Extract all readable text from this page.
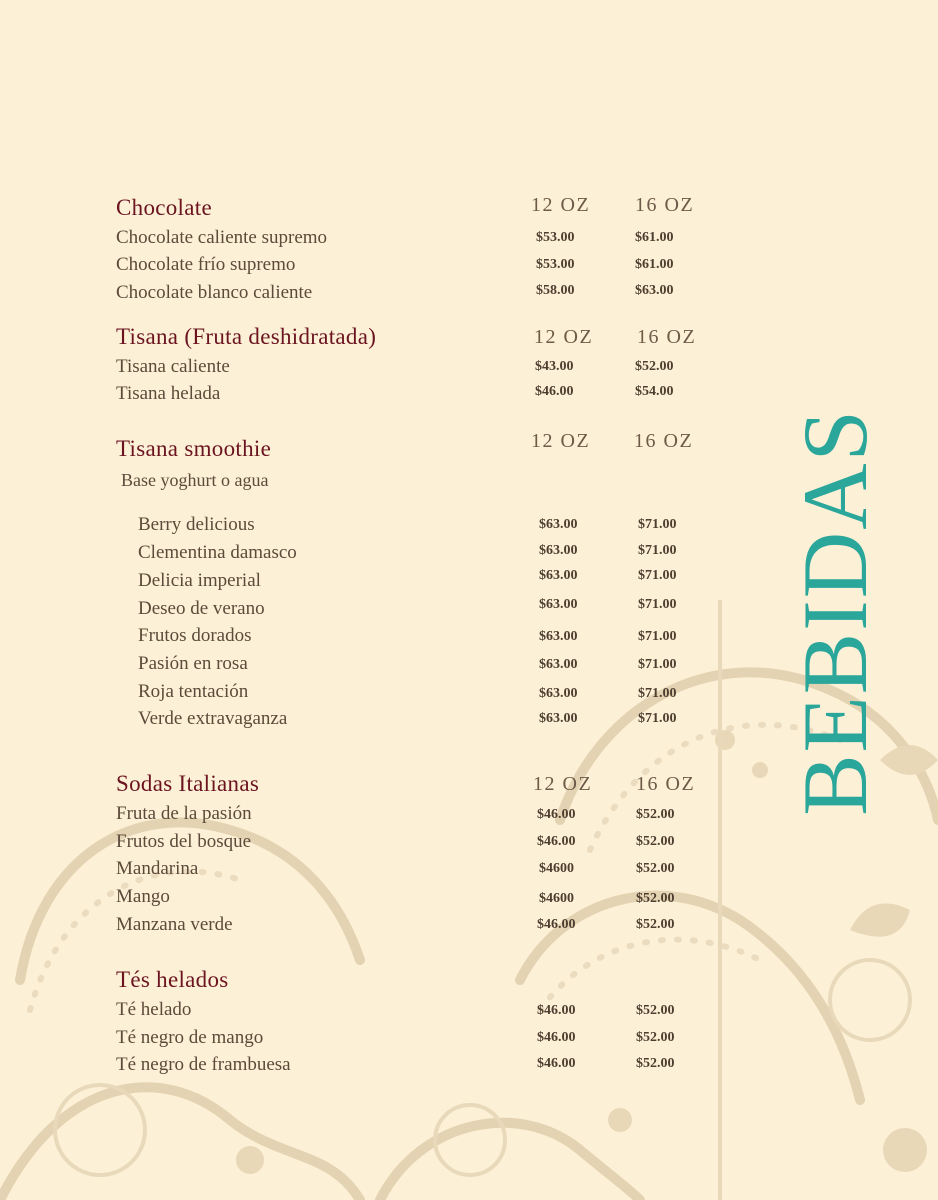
BEBIDAS
Chocolate	12 OZ 16 OZ
Chocolate caliente supremo	$53.00	$61.00
Chocolate frío supremo	$53.00	$61.00
Chocolate blanco caliente	$58.00	$63.00
Tisana (Fruta deshidratada)	12 OZ 16 OZ
Tisana caliente	$43.00	$52.00
Tisana helada	$46.00	$54.00
Tisana smoothie	12 OZ 16 OZ
Base yoghurt o agua
Berry delicious	$63.00	$71.00
Clementina damasco	$63.00	$71.00
Delicia imperial	$63.00	$71.00
Deseo de verano	$63.00	$71.00
Frutos dorados	$63.00	$71.00
Pasión en rosa	$63.00	$71.00
Roja tentación	$63.00	$71.00
Verde extravaganza	$63.00	$71.00
Sodas Italianas	12 OZ 16 OZ
Fruta de la pasión	$46.00	$52.00
Frutos del bosque	$46.00	$52.00
Mandarina	$4600	$52.00
Mango	$4600	$52.00
Manzana verde	$46.00	$52.00
Tés helados
Té helado	$46.00	$52.00
Té negro de mango	$46.00	$52.00
Té negro de frambuesa	$46.00	$52.00
